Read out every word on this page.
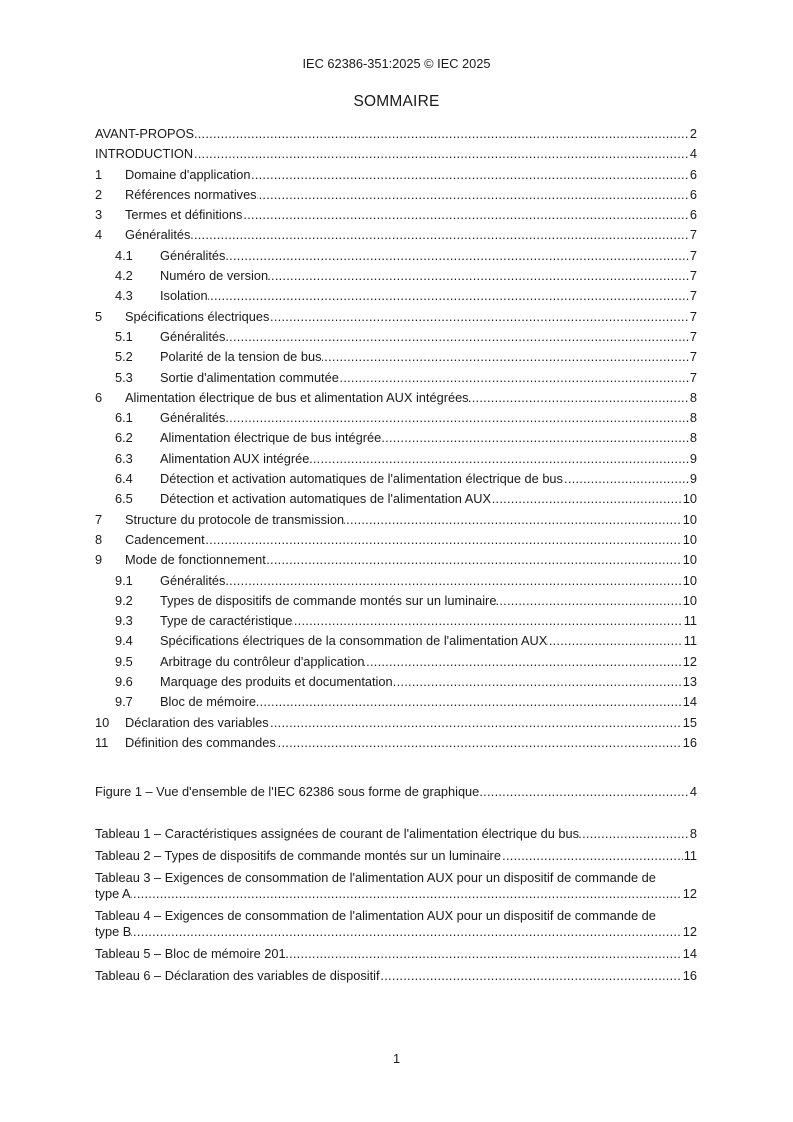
IEC 62386-351:2025 © IEC 2025
SOMMAIRE
..... AVANT-PROPOS	2
..... INTRODUCTION	4
..... 1 Domaine d'application	6
..... 2 Références normatives	6
..... 3 Termes et définitions	6
..... 4 Généralités	7
..... 4.1 Généralités	7
..... 4.2 Numéro de version	7
..... 4.3 Isolation	7
..... 5 Spécifications électriques	7
..... 5.1 Généralités	7
..... 5.2 Polarité de la tension de bus	7
..... 5.3 Sortie d'alimentation commutée	7
..... 6 Alimentation électrique de bus et alimentation AUX intégrées	8
..... 6.1 Généralités	8
..... 6.2 Alimentation électrique de bus intégrée	8
..... 6.3 Alimentation AUX intégrée	9
..... 6.4 Détection et activation automatiques de l'alimentation électrique de bus	9
..... 6.5 Détection et activation automatiques de l'alimentation AUX	10
..... 7 Structure du protocole de transmission	10
..... 8 Cadencement	10
..... 9 Mode de fonctionnement	10
..... 9.1 Généralités	10
..... 9.2 Types de dispositifs de commande montés sur un luminaire	10
..... 9.3 Type de caractéristique	11
..... 9.4 Spécifications électriques de la consommation de l'alimentation AUX	11
..... 9.5 Arbitrage du contrôleur d'application	12
..... 9.6 Marquage des produits et documentation	13
..... 9.7 Bloc de mémoire	14
..... 10 Déclaration des variables	15
..... 11 Définition des commandes	16
..... Figure 1 – Vue d'ensemble de l'IEC 62386 sous forme de graphique	4
..... Tableau 1 – Caractéristiques assignées de courant de l'alimentation électrique du bus	8
..... Tableau 2 – Types de dispositifs de commande montés sur un luminaire	11
..... Tableau 3 – Exigences de consommation de l'alimentation AUX pour un dispositif de commande de type A	12
..... Tableau 4 – Exigences de consommation de l'alimentation AUX pour un dispositif de commande de type B	12
..... Tableau 5 – Bloc de mémoire 201	14
..... Tableau 6 – Déclaration des variables de dispositif	16
1
